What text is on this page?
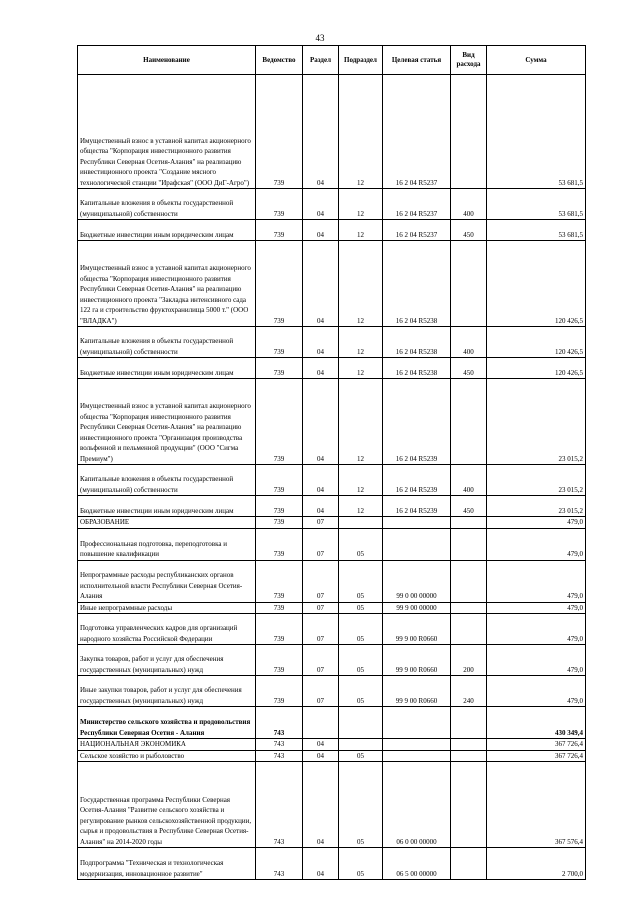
43
Наименование	Ведомство	Раздел	Подраздел	Целевая статья	Вид расхода	Сумма
Имущественный взнос в уставной капитал акционерного общества "Корпорация инвестиционного развития Республики Северная Осетия-Алания" на реализацию инвестиционного проекта "Создание мясного технологической станции "Ирафская" (ООО ДиГ-Агро")	739	04	12	16 2 04 R5237		53 681,5
Капитальные вложения в объекты государственной (муниципальной) собственности	739	04	12	16 2 04 R5237	400	53 681,5
Бюджетные инвестиции иным юридическим лицам	739	04	12	16 2 04 R5237	450	53 681,5
Имущественный взнос в уставной капитал акционерного общества "Корпорация инвестиционного развития Республики Северная Осетия-Алания" на реализацию инвестиционного проекта "Закладка интенсивного сада 122 га и строительство фруктохранилища 5000 т." (ООО "ВЛАДКА")	739	04	12	16 2 04 R5238		120 426,5
Капитальные вложения в объекты государственной (муниципальной) собственности	739	04	12	16 2 04 R5238	400	120 426,5
Бюджетные инвестиции иным юридическим лицам	739	04	12	16 2 04 R5238	450	120 426,5
Имущественный взнос в уставной капитал акционерного общества "Корпорация инвестиционного развития Республики Северная Осетия-Алания" на реализацию инвестиционного проекта "Организация производства вольфенной и пельменной продукции" (ООО "Сигма Премиум")	739	04	12	16 2 04 R5239		23 015,2
Капитальные вложения в объекты государственной (муниципальной) собственности	739	04	12	16 2 04 R5239	400	23 015,2
Бюджетные инвестиции иным юридическим лицам	739	04	12	16 2 04 R5239	450	23 015,2
ОБРАЗОВАНИЕ	739	07				479,0
Профессиональная подготовка, переподготовка и повышение квалификации	739	07	05			479,0
Непрограммные расходы республиканских органов исполнительной власти Республики Северная Осетия-Алания	739	07	05	99 0 00 00000		479,0
Иные непрограммные расходы	739	07	05	99 9 00 00000		479,0
Подготовка управленческих кадров для организаций народного хозяйства Российской Федерации	739	07	05	99 9 00 R0660		479,0
Закупка товаров, работ и услуг для обеспечения государственных (муниципальных) нужд	739	07	05	99 9 00 R0660	200	479,0
Иные закупки товаров, работ и услуг для обеспечения государственных (муниципальных) нужд	739	07	05	99 9 00 R0660	240	479,0
Министерство сельского хозяйства и продовольствия Республики Северная Осетия - Алания	743					430 349,4
НАЦИОНАЛЬНАЯ ЭКОНОМИКА	743	04				367 726,4
Сельское хозяйство и рыболовство	743	04	05			367 726,4
Государственная программа Республики Северная Осетия-Алания "Развитие сельского хозяйства и регулирование рынков сельскохозяйственной продукции, сырья и продовольствия в Республике Северная Осетия-Алания" на 2014-2020 годы	743	04	05	06 0 00 00000		367 576,4
Подпрограмма "Техническая и технологическая модернизация, инновационное развитие"	743	04	05	06 5 00 00000		2 700,0
